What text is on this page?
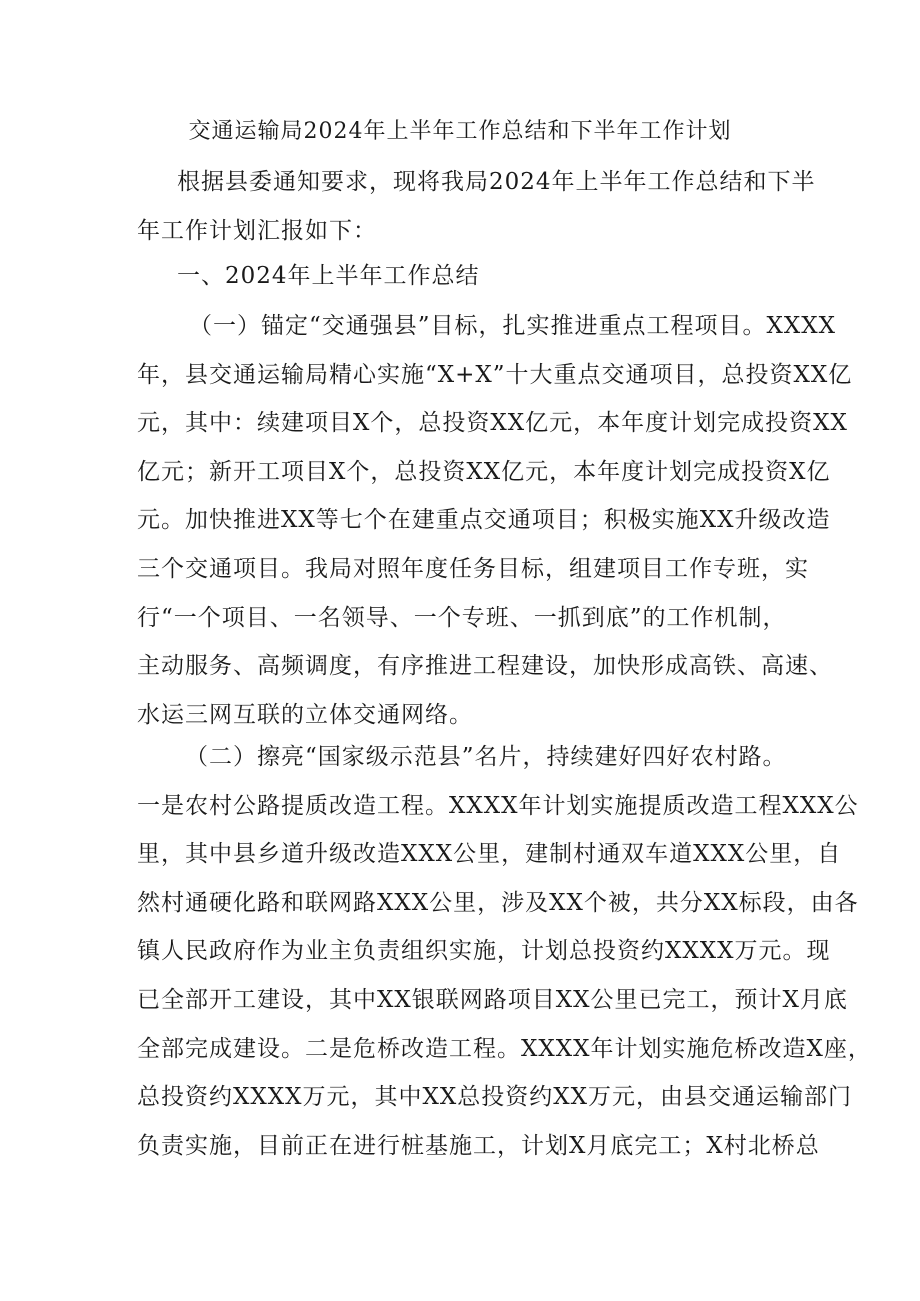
交通运输局2024年上半年工作总结和下半年工作计划

根据县委通知要求，现将我局2024年上半年工作总结和下半

年工作计划汇报如下：

一、2024年上半年工作总结

（一）锚定“交通强县”目标，扎实推进重点工程项目。XXXX

年，县交通运输局精心实施“X+X”十大重点交通项目，总投资XX亿

元，其中：续建项目X个，总投资XX亿元，本年度计划完成投资XX

亿元；新开工项目X个，总投资XX亿元，本年度计划完成投资X亿

元。加快推进XX等七个在建重点交通项目；积极实施XX升级改造

三个交通项目。我局对照年度任务目标，组建项目工作专班，实

行“一个项目、一名领导、一个专班、一抓到底”的工作机制，

主动服务、高频调度，有序推进工程建设，加快形成高铁、高速、

水运三网互联的立体交通网络。

（二）擦亮“国家级示范县”名片，持续建好四好农村路。

一是农村公路提质改造工程。XXXX年计划实施提质改造工程XXX公

里，其中县乡道升级改造XXX公里，建制村通双车道XXX公里，自

然村通硬化路和联网路XXX公里，涉及XX个被，共分XX标段，由各

镇人民政府作为业主负责组织实施，计划总投资约XXXX万元。现

已全部开工建设，其中XX银联网路项目XX公里已完工，预计X月底

全部完成建设。二是危桥改造工程。XXXX年计划实施危桥改造X座，

总投资约XXXX万元，其中XX总投资约XX万元，由县交通运输部门

负责实施，目前正在进行桩基施工，计划X月底完工；X村北桥总
